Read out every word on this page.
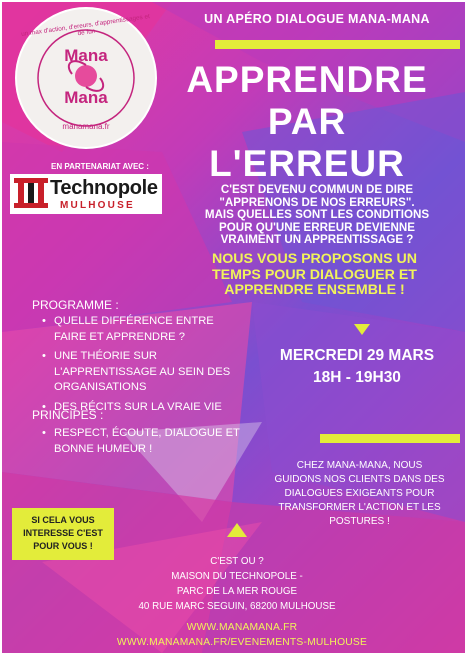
UN APÉRO DIALOGUE MANA-MANA
Mana
Mana
un max d'action, d'ereurs, d'apprentissages et de fun
manamana.fr
APPRENDRE
PAR
L'ERREUR
EN PARTENARIAT AVEC :
Technopole
MULHOUSE
C'EST DEVENU COMMUN DE DIRE
"APPRENONS DE NOS ERREURS".
MAIS QUELLES SONT LES CONDITIONS
POUR QU'UNE ERREUR DEVIENNE
VRAIMENT UN APPRENTISSAGE ?
NOUS VOUS PROPOSONS UN
TEMPS POUR DIALOGUER ET
APPRENDRE ENSEMBLE !
PROGRAMME :
• QUELLE DIFFÉRENCE ENTRE FAIRE ET APPRENDRE ?
• UNE THÉORIE SUR L'APPRENTISSAGE AU SEIN DES ORGANISATIONS
• DES RÉCITS SUR LA VRAIE VIE
PRINCIPES :
• RESPECT, ÉCOUTE, DIALOGUE ET BONNE HUMEUR !
MERCREDI 29 MARS
18H - 19H30
CHEZ MANA-MANA, NOUS
GUIDONS NOS CLIENTS DANS DES
DIALOGUES EXIGEANTS POUR
TRANSFORMER L'ACTION ET LES
POSTURES !
SI CELA VOUS
INTERESSE C'EST
POUR VOUS !
C'EST OU ?
MAISON DU TECHNOPOLE -
PARC DE LA MER ROUGE
40 RUE MARC SEGUIN, 68200 MULHOUSE
WWW.MANAMANA.FR
WWW.MANAMANA.FR/EVENEMENTS-MULHOUSE
